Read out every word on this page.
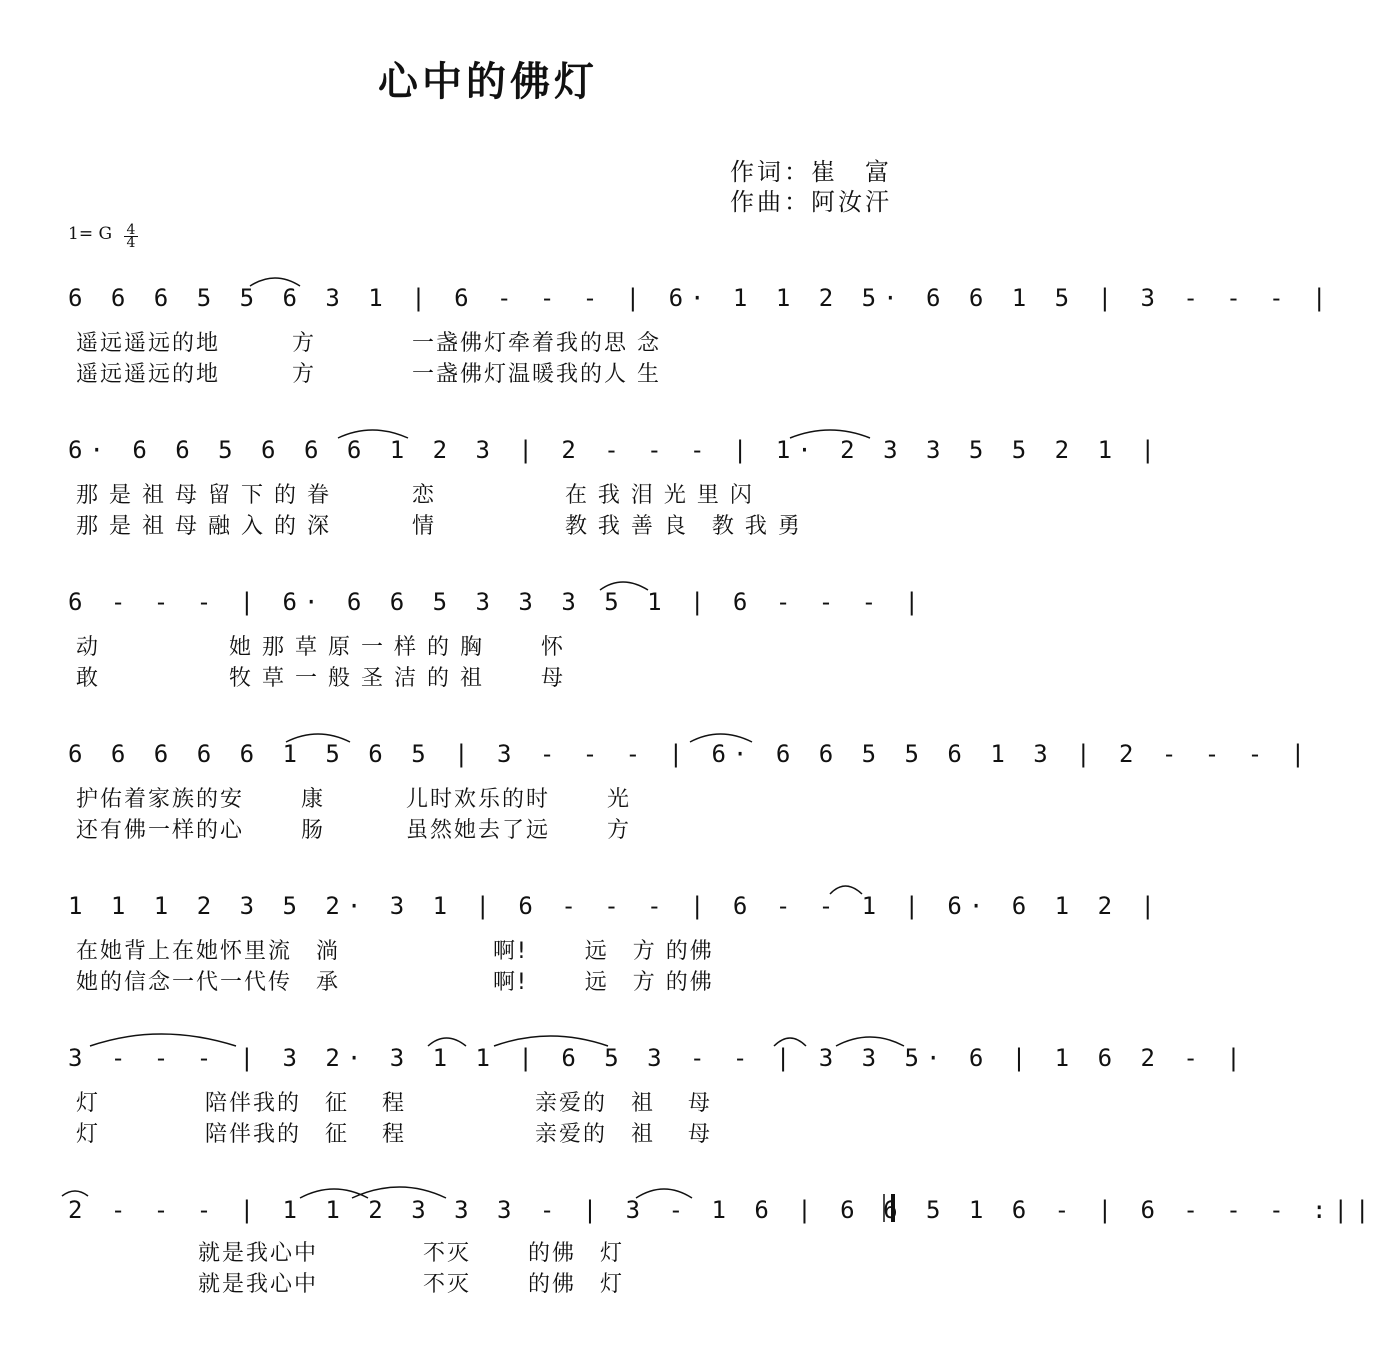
心中的佛灯
作词：崔　富
作曲：阿汝汗
1= G	4
4
6 6 6 5 5 6 3 1 | 6 - - - | 6· 1 1 2 5· 6 6 1 5 | 3 - - - |
遥远遥远的地　　　方　　　　一盏佛灯牵着我的思 念
遥远遥远的地　　　方　　　　一盏佛灯温暖我的人 生
6· 6 6 5 6 6 6 1 2 3 | 2 - - - | 1· 2 3 3 5 5 2 1 |
那 是 祖 母 留 下 的 眷　　　 恋　　　　　 在 我 泪 光 里 闪
那 是 祖 母 融 入 的 深　　　 情　　　　　 教 我 善 良　教 我 勇
6 - - - | 6· 6 6 5 3 3 3 5 1 | 6 - - - |
动　　　　　 她 那 草 原 一 样 的 胸　　 怀
敢　　　　　 牧 草 一 般 圣 洁 的 祖　　 母
6 6 6 6 6 1 5 6 5 | 3 - - - | 6· 6 6 5 5 6 1 3 | 2 - - - |
护佑着家族的安　　 康　　　 儿时欢乐的时　　 光
还有佛一样的心　　 肠　　　 虽然她去了远　　 方
1 1 1 2 3 5 2· 3 1 | 6 - - - | 6 - - 1 | 6· 6 1 2 |
在她背上在她怀里流　淌　　　　　　 啊!　　 远　方 的佛
她的信念一代一代传　承　　　　　　 啊!　　 远　方 的佛
3 - - - | 3 2· 3 1 1 | 6 5 3 - - | 3 3 5· 6 | 1 6 2 - |
灯　　　　 陪伴我的　征　 程　　　　　 亲爱的　祖　 母
灯　　　　 陪伴我的　征　 程　　　　　 亲爱的　祖　 母
2 - - - | 1 1 2 3 3 3 - | 3 - 1 6 | 6 6 5 1 6 - | 6 - - - :||
就是我心中　　　　 不灭　　 的佛　灯
就是我心中　　　　 不灭　　 的佛　灯
